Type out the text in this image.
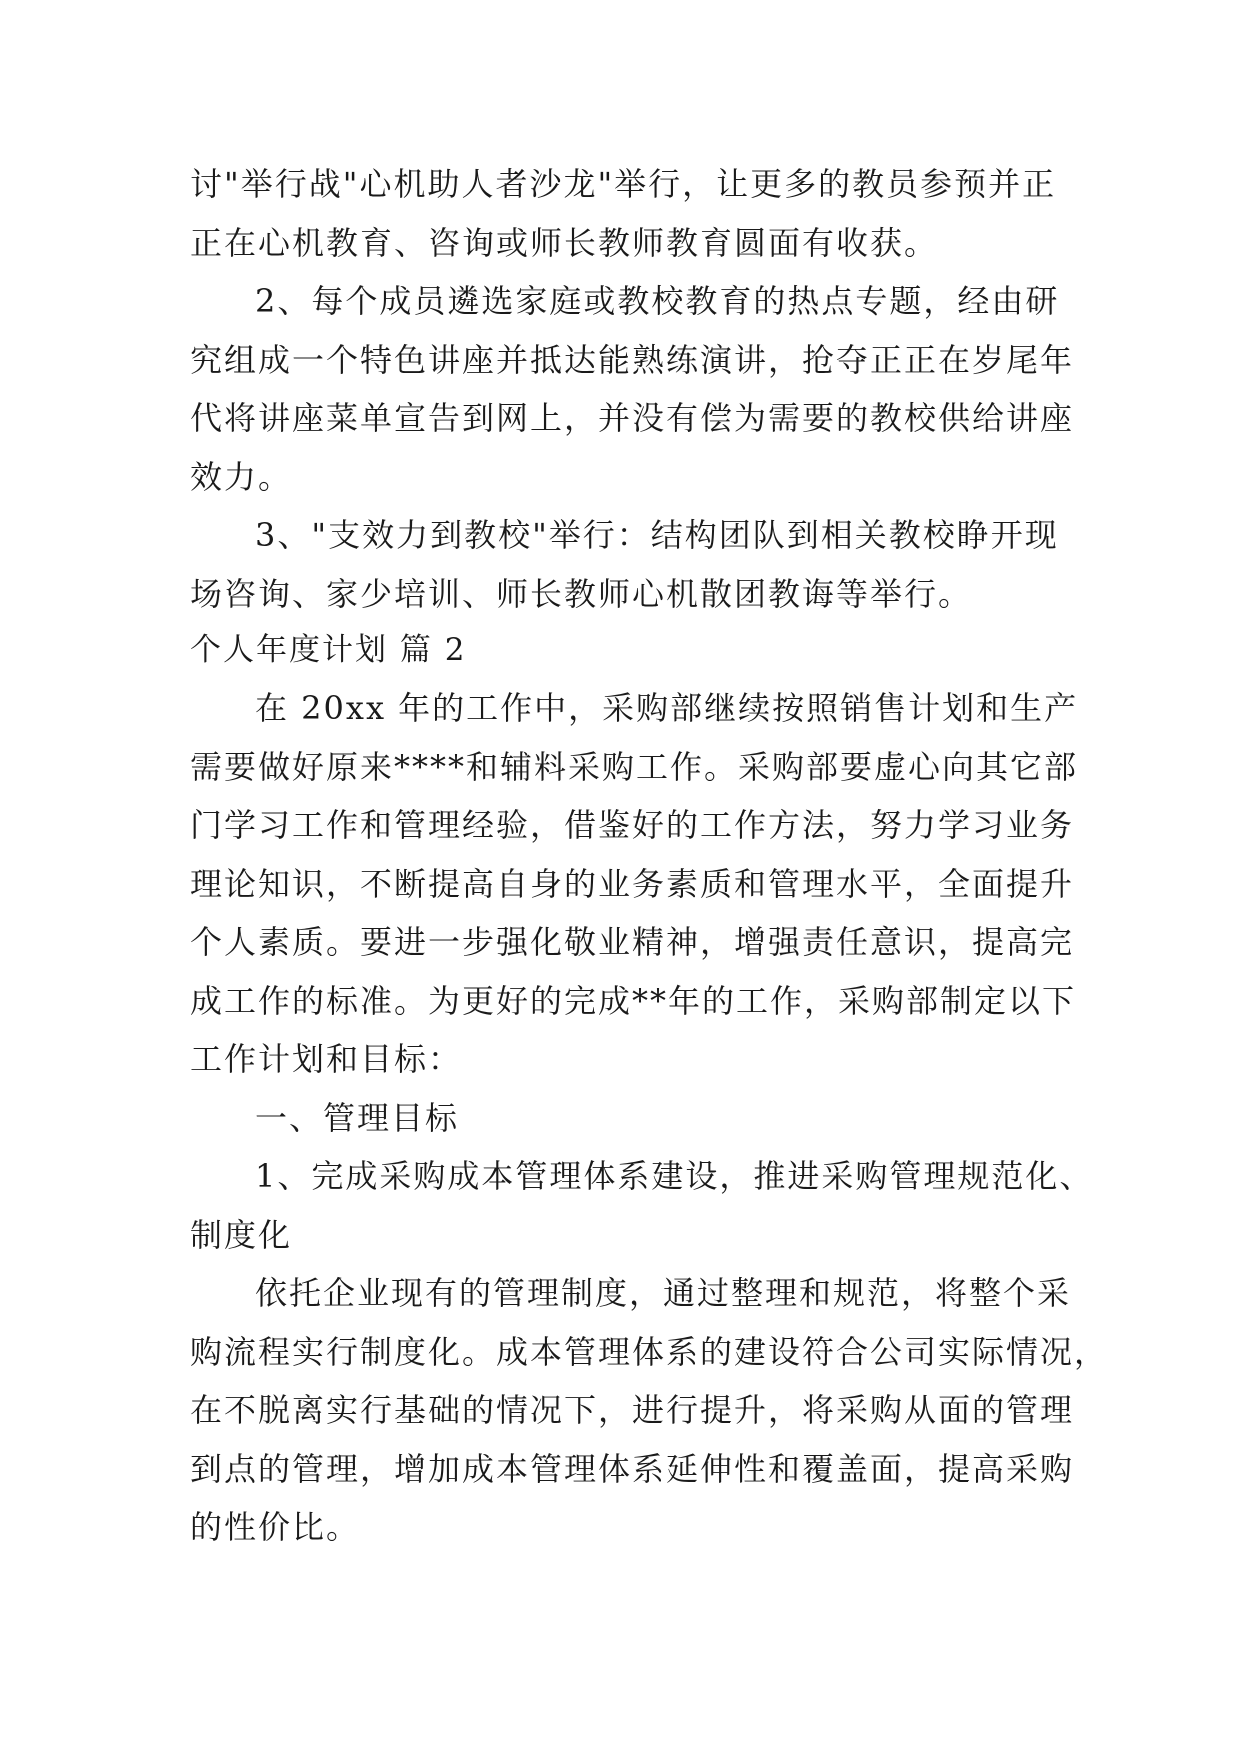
讨"举行战"心机助人者沙龙"举行，让更多的教员参预并正
正在心机教育、咨询或师长教师教育圆面有收获。
2、每个成员遴选家庭或教校教育的热点专题，经由研
究组成一个特色讲座并抵达能熟练演讲，抢夺正正在岁尾年
代将讲座菜单宣告到网上，并没有偿为需要的教校供给讲座
效力。
3、"支效力到教校"举行：结构团队到相关教校睁开现
场咨询、家少培训、师长教师心机散团教诲等举行。
个人年度计划 篇 2
在 20xx 年的工作中，采购部继续按照销售计划和生产
需要做好原来****和辅料采购工作。采购部要虚心向其它部
门学习工作和管理经验，借鉴好的工作方法，努力学习业务
理论知识，不断提高自身的业务素质和管理水平，全面提升
个人素质。要进一步强化敬业精神，增强责任意识，提高完
成工作的标准。为更好的完成**年的工作，采购部制定以下
工作计划和目标：
一、管理目标
1、完成采购成本管理体系建设，推进采购管理规范化、
制度化
依托企业现有的管理制度，通过整理和规范，将整个采
购流程实行制度化。成本管理体系的建设符合公司实际情况，
在不脱离实行基础的情况下，进行提升，将采购从面的管理
到点的管理，增加成本管理体系延伸性和覆盖面，提高采购
的性价比。
